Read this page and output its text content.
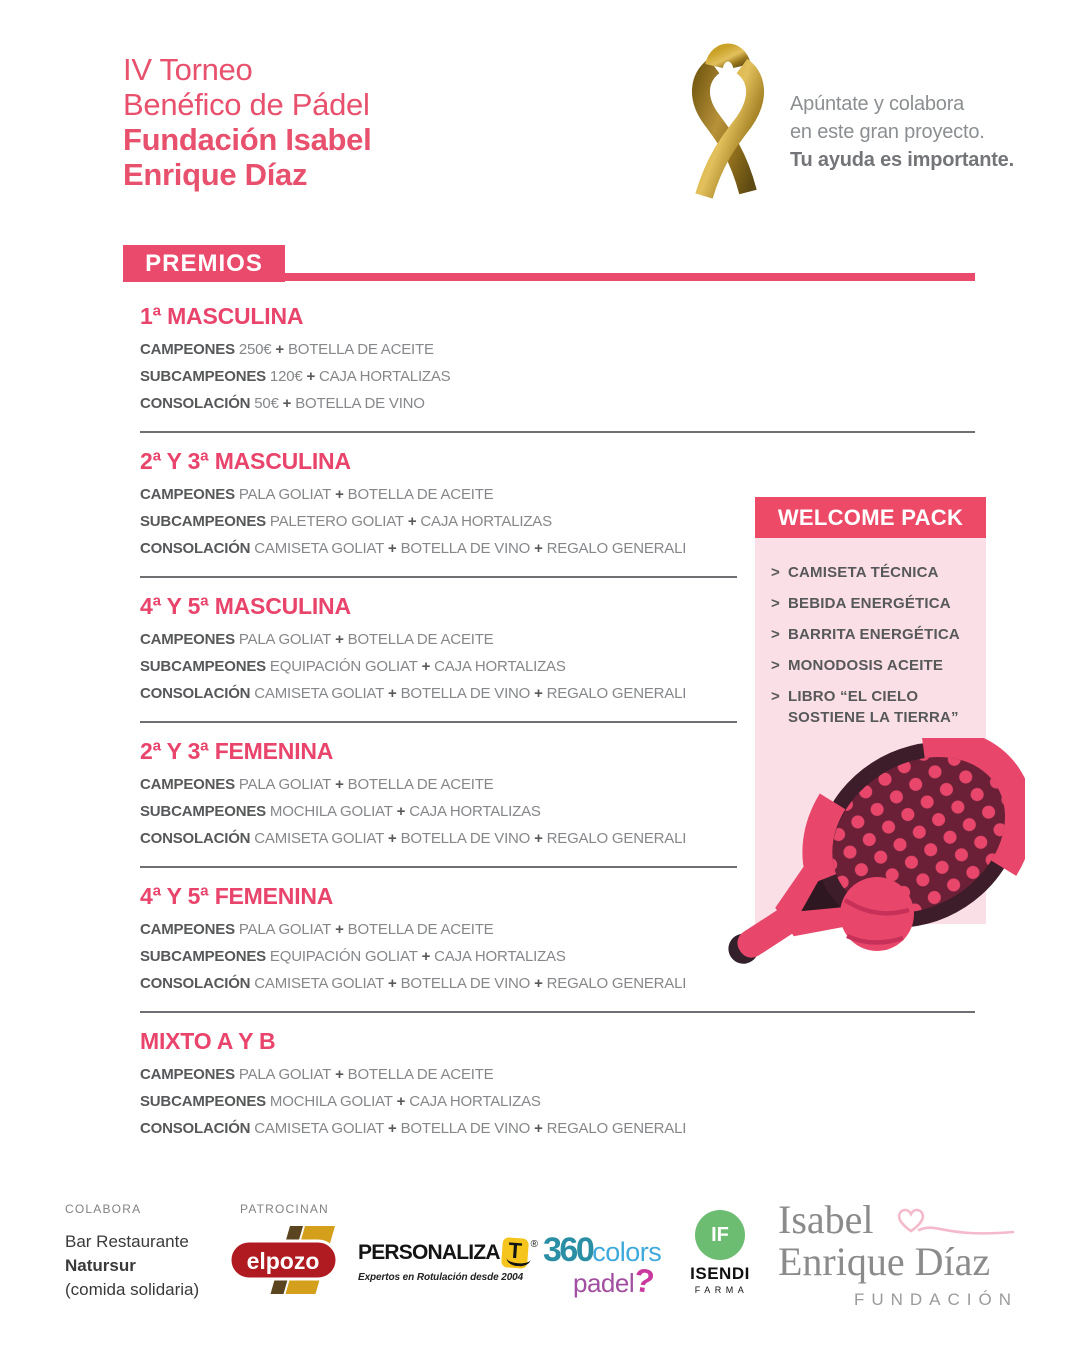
IV Torneo
Benéfico de Pádel
Fundación Isabel
Enrique Díaz
Apúntate y colabora
en este gran proyecto.
Tu ayuda es importante.
PREMIOS
1ª MASCULINA
CAMPEONES 250€ + BOTELLA DE ACEITE
SUBCAMPEONES 120€ + CAJA HORTALIZAS
CONSOLACIÓN 50€ + BOTELLA DE VINO
2ª Y 3ª MASCULINA
CAMPEONES PALA GOLIAT + BOTELLA DE ACEITE
SUBCAMPEONES PALETERO GOLIAT + CAJA HORTALIZAS
CONSOLACIÓN CAMISETA GOLIAT + BOTELLA DE VINO + REGALO GENERALI
4ª Y 5ª MASCULINA
CAMPEONES PALA GOLIAT + BOTELLA DE ACEITE
SUBCAMPEONES EQUIPACIÓN GOLIAT + CAJA HORTALIZAS
CONSOLACIÓN CAMISETA GOLIAT + BOTELLA DE VINO + REGALO GENERALI
2ª Y 3ª FEMENINA
CAMPEONES PALA GOLIAT + BOTELLA DE ACEITE
SUBCAMPEONES MOCHILA GOLIAT + CAJA HORTALIZAS
CONSOLACIÓN CAMISETA GOLIAT + BOTELLA DE VINO + REGALO GENERALI
4ª Y 5ª FEMENINA
CAMPEONES PALA GOLIAT + BOTELLA DE ACEITE
SUBCAMPEONES EQUIPACIÓN GOLIAT + CAJA HORTALIZAS
CONSOLACIÓN CAMISETA GOLIAT + BOTELLA DE VINO + REGALO GENERALI
MIXTO A Y B
CAMPEONES PALA GOLIAT + BOTELLA DE ACEITE
SUBCAMPEONES MOCHILA GOLIAT + CAJA HORTALIZAS
CONSOLACIÓN CAMISETA GOLIAT + BOTELLA DE VINO + REGALO GENERALI
WELCOME PACK
> CAMISETA TÉCNICA
> BEBIDA ENERGÉTICA
> BARRITA ENERGÉTICA
> MONODOSIS ACEITE
> LIBRO “EL CIELO SOSTIENE LA TIERRA”
COLABORA
Bar Restaurante
Natursur
(comida solidaria)
PATROCINAN
elpozo PERSONALIZA T ®
Expertos en Rotulación desde 2004
360colors
padel?
IF
ISENDI
FARMA
Isabel
Enrique Díaz
FUNDACIÓN
